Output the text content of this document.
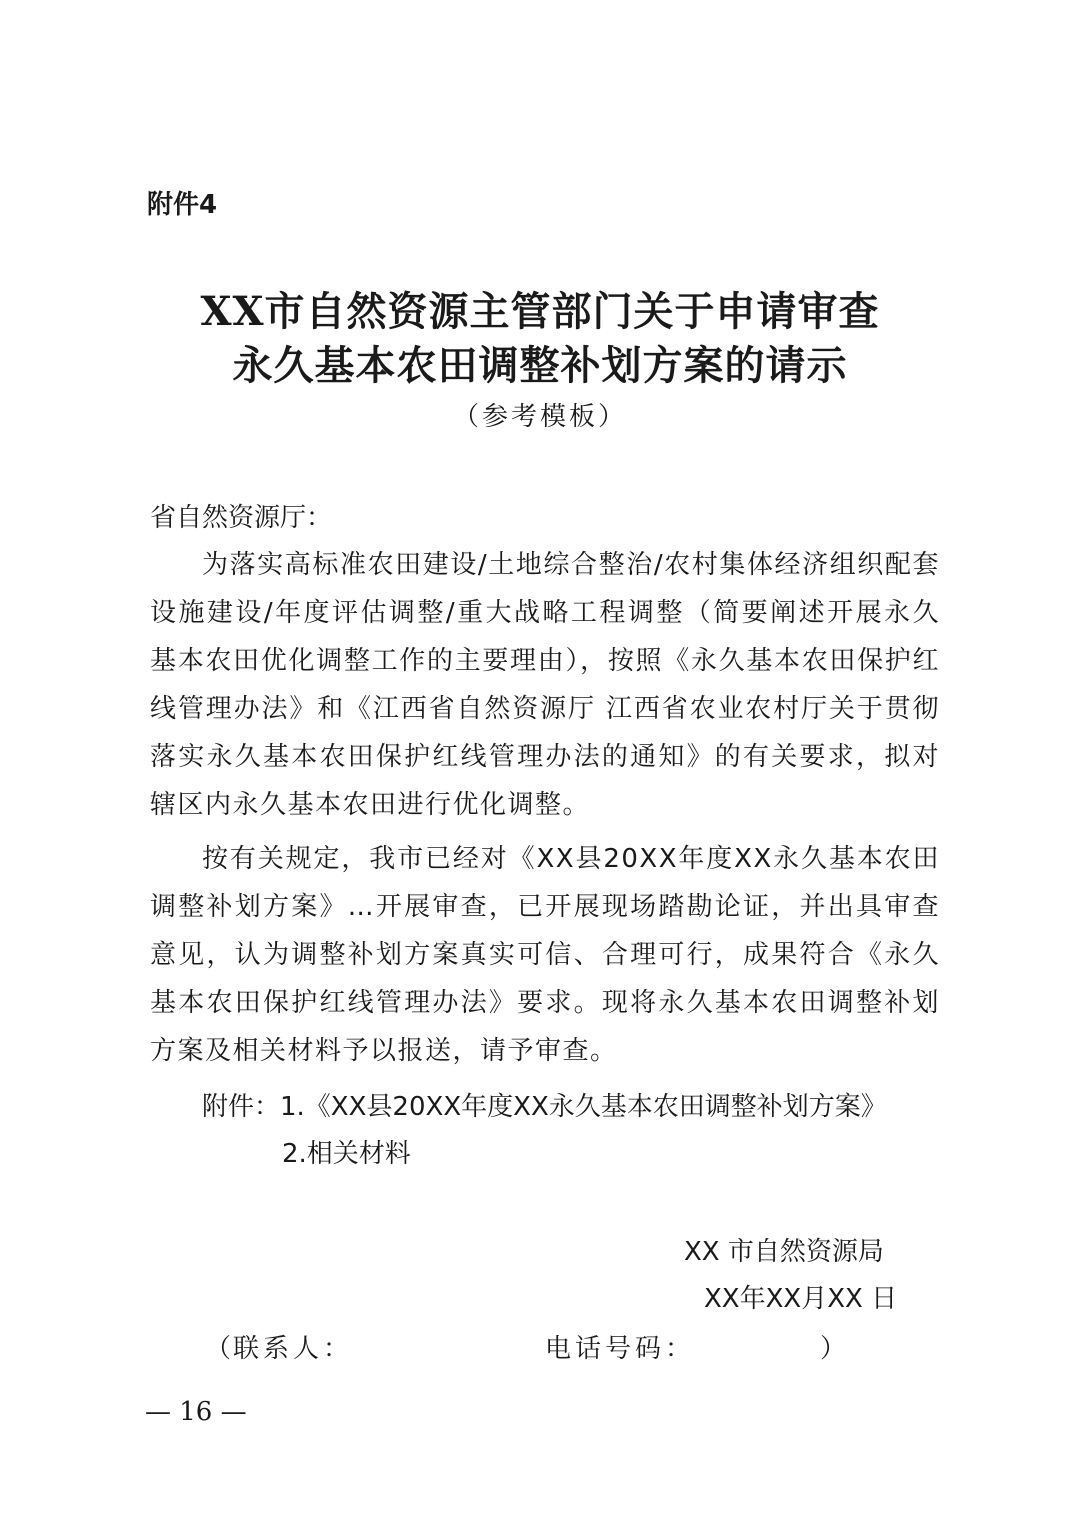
附件4
XX市自然资源主管部门关于申请审查
永久基本农田调整补划方案的请示
（参考模板）
省自然资源厅：
为落实高标准农田建设/土地综合整治/农村集体经济组织配套设施建设/年度评估调整/重大战略工程调整（简要阐述开展永久基本农田优化调整工作的主要理由），按照《永久基本农田保护红线管理办法》和《江西省自然资源厅 江西省农业农村厅关于贯彻落实永久基本农田保护红线管理办法的通知》的有关要求，拟对辖区内永久基本农田进行优化调整。
按有关规定，我市已经对《XX县20XX年度XX永久基本农田调整补划方案》…开展审查，已开展现场踏勘论证，并出具审查意见，认为调整补划方案真实可信、合理可行，成果符合《永久基本农田保护红线管理办法》要求。现将永久基本农田调整补划方案及相关材料予以报送，请予审查。
附件：1.《XX县20XX年度XX永久基本农田调整补划方案》
2.相关材料
XX 市自然资源局
XX年XX月XX 日
（ 联系人：	电话号码：	）
— 16 —
